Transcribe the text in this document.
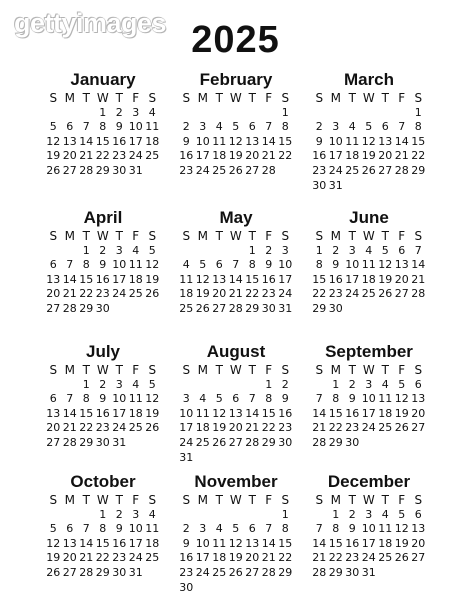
gettyimages 2025
January
S M T W T F S
1 2 3 4
5 6 7 8 9 10 11
12 13 14 15 16 17 18
19 20 21 22 23 24 25
26 27 28 29 30 31
February
S M T W T F S
1
2 3 4 5 6 7 8
9 10 11 12 13 14 15
16 17 18 19 20 21 22
23 24 25 26 27 28
March
S M T W T F S
1
2 3 4 5 6 7 8
9 10 11 12 13 14 15
16 17 18 19 20 21 22
23 24 25 26 27 28 29
30 31
April
S M T W T F S
1 2 3 4 5
6 7 8 9 10 11 12
13 14 15 16 17 18 19
20 21 22 23 24 25 26
27 28 29 30
May
S M T W T F S
1 2 3
4 5 6 7 8 9 10
11 12 13 14 15 16 17
18 19 20 21 22 23 24
25 26 27 28 29 30 31
June
S M T W T F S
1 2 3 4 5 6 7
8 9 10 11 12 13 14
15 16 17 18 19 20 21
22 23 24 25 26 27 28
29 30
July
S M T W T F S
1 2 3 4 5
6 7 8 9 10 11 12
13 14 15 16 17 18 19
20 21 22 23 24 25 26
27 28 29 30 31
August
S M T W T F S
1 2
3 4 5 6 7 8 9
10 11 12 13 14 15 16
17 18 19 20 21 22 23
24 25 26 27 28 29 30
31
September
S M T W T F S
1 2 3 4 5 6
7 8 9 10 11 12 13
14 15 16 17 18 19 20
21 22 23 24 25 26 27
28 29 30
October
S M T W T F S
1 2 3 4
5 6 7 8 9 10 11
12 13 14 15 16 17 18
19 20 21 22 23 24 25
26 27 28 29 30 31
November
S M T W T F S
1
2 3 4 5 6 7 8
9 10 11 12 13 14 15
16 17 18 19 20 21 22
23 24 25 26 27 28 29
30
December
S M T W T F S
1 2 3 4 5 6
7 8 9 10 11 12 13
14 15 16 17 18 19 20
21 22 23 24 25 26 27
28 29 30 31
